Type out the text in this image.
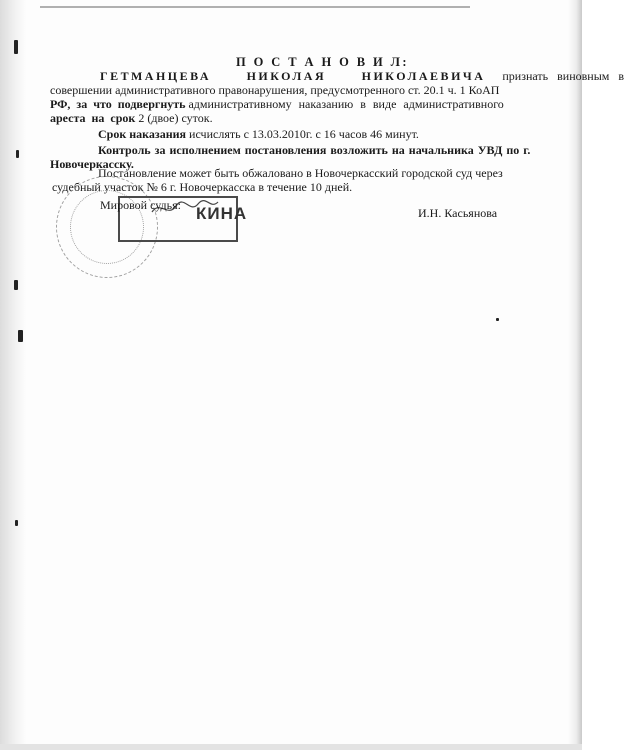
П О С Т А Н О В И Л:
ГЕТМАНЦЕВА НИКОЛАЯ НИКОЛАЕВИЧА признать виновным в
совершении административного правонарушения, предусмотренного ст. 20.1 ч. 1 КоАП
РФ, за что подвергнуть административному наказанию в виде административного
ареста на срок 2 (двое) суток.
Срок наказания исчислять с 13.03.2010г. с 16 часов 46 минут.
Контроль за исполнением постановления возложить на начальника УВД по г.
Новочеркасску.
Постановление может быть обжаловано в Новочеркасский городской суд через
судебный участок № 6 г. Новочеркасска в течение 10 дней.
КИНА
Мировой судья:
И.Н. Касьянова
